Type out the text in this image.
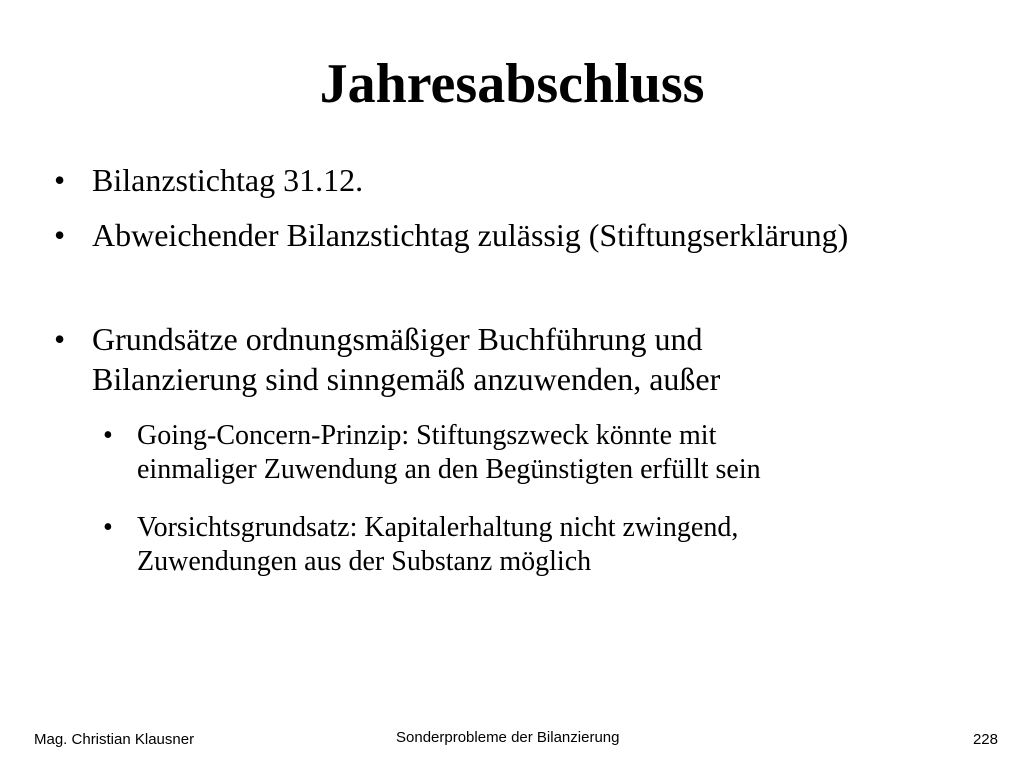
Jahresabschluss
• Bilanzstichtag 31.12.
• Abweichender Bilanzstichtag zulässig (Stiftungserklärung)
• Grundsätze ordnungsmäßiger Buchführung und
Bilanzierung sind sinngemäß anzuwenden, außer
• Going-Concern-Prinzip: Stiftungszweck könnte mit
einmaliger Zuwendung an den Begünstigten erfüllt sein
• Vorsichtsgrundsatz: Kapitalerhaltung nicht zwingend,
Zuwendungen aus der Substanz möglich

Mag. Christian Klausner	Sonderprobleme der Bilanzierung	228
